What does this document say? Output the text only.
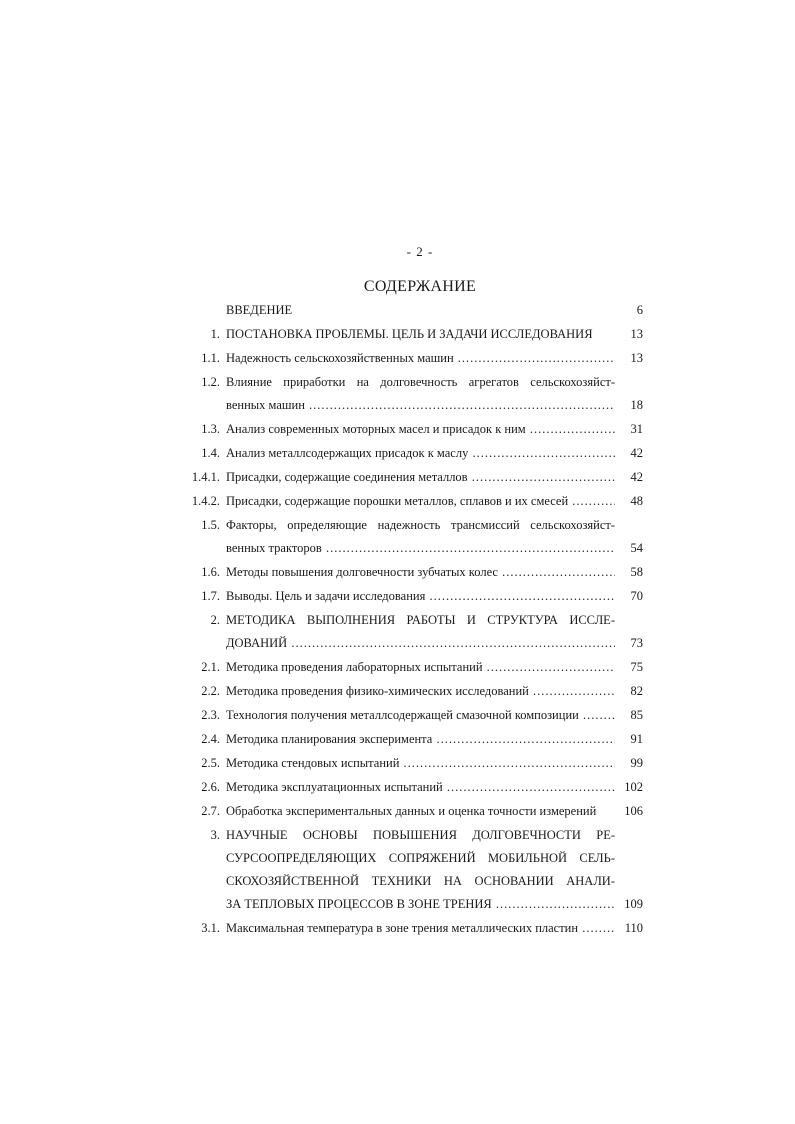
- 2 -
СОДЕРЖАНИЕ
ВВЕДЕНИЕ	6
1. ПОСТАНОВКА ПРОБЛЕМЫ. ЦЕЛЬ И ЗАДАЧИ ИССЛЕДОВАНИЯ	13
1.1. Надежность сельскохозяйственных машин .....	13
1.2. Влияние приработки на долговечность агрегатов сельскохозяйст-
венных машин .....	18
1.3. Анализ современных моторных масел и присадок к ним .....	31
1.4. Анализ металлсодержащих присадок к маслу .....	42
1.4.1. Присадки, содержащие соединения металлов .....	42
1.4.2. Присадки, содержащие порошки металлов, сплавов и их смесей .....	48
1.5. Факторы, определяющие надежность трансмиссий сельскохозяйст-
венных тракторов .....	54
1.6. Методы повышения долговечности зубчатых колес .....	58
1.7. Выводы. Цель и задачи исследования .....	70
2. МЕТОДИКА ВЫПОЛНЕНИЯ РАБОТЫ И СТРУКТУРА ИССЛЕ-
ДОВАНИЙ .....	73
2.1. Методика проведения лабораторных испытаний .....	75
2.2. Методика проведения физико-химических исследований .....	82
2.3. Технология получения металлсодержащей смазочной композиции .....	85
2.4. Методика планирования эксперимента .....	91
2.5. Методика стендовых испытаний .....	99
2.6. Методика эксплуатационных испытаний .....	102
2.7. Обработка экспериментальных данных и оценка точности измерений	106
3. НАУЧНЫЕ ОСНОВЫ ПОВЫШЕНИЯ ДОЛГОВЕЧНОСТИ РЕ-
СУРСООПРЕДЕЛЯЮЩИХ СОПРЯЖЕНИЙ МОБИЛЬНОЙ СЕЛЬ-
СКОХОЗЯЙСТВЕННОЙ ТЕХНИКИ НА ОСНОВАНИИ АНАЛИ-
ЗА ТЕПЛОВЫХ ПРОЦЕССОВ В ЗОНЕ ТРЕНИЯ .....	109
3.1. Максимальная температура в зоне трения металлических пластин .....	110
